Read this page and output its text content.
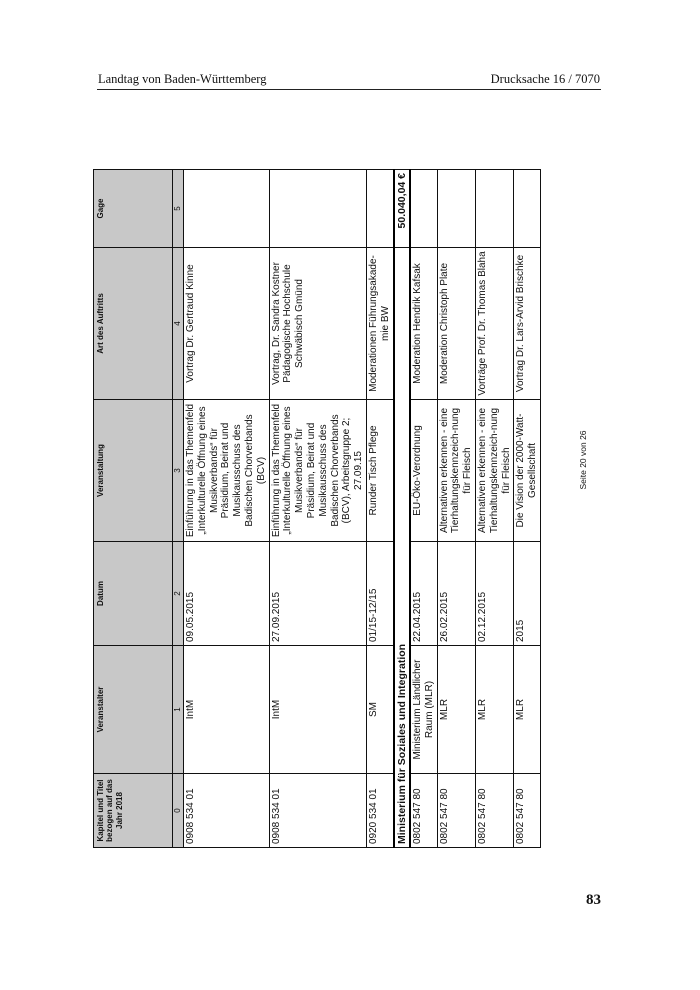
Landtag von Baden-Württemberg	Drucksache 16 / 7070
Kapitel und Titel bezogen auf das Jahr 2018	Veranstalter	Datum	Veranstaltung	Art des Auftritts	Gage
0	1	2	3	4	5
0908 534 01	IntM	09.05.2015	Einführung in das Themenfeld „Interkulturelle Öffnung eines Musikverbands“ für Präsidium, Beirat und Musikausschuss des Badischen Chorverbands (BCV)	Vortrag Dr. Gertraud Kinne	
0908 534 01	IntM	27.09.2015	Einführung in das Themenfeld „Interkulturelle Öffnung eines Musikverbands“ für Präsidium, Beirat und Musikausschuss des Badischen Chorverbands (BCV), Arbeitsgruppe 2; 27.09.15	Vortrag, Dr. Sandra Kostner Pädagogische Hochschule Schwäbisch Gmünd	
0920 534 01	SM	01/15-12/15	Runder Tisch Pflege	Moderationen Führungsakade-mie BW	
Ministerium für Soziales und Integration					50.040,04 €
0802 547 80	Ministerium Ländlicher Raum (MLR)	22.04.2015	EU-Öko-Verordnung	Moderation Hendrik Kafsak	
0802 547 80	MLR	26.02.2015	Alternativen erkennen - eine Tierhaltungskennzeich-nung für Fleisch	Moderation Christoph Plate	
0802 547 80	MLR	02.12.2015	Alternativen erkennen - eine Tierhaltungskennzeich-nung für Fleisch	Vorträge Prof. Dr. Thomas Blaha	
0802 547 80	MLR	2015	Die Vision der 2000-Watt-Gesellschaft	Vortrag Dr. Lars-Arvid Brischke	
Seite 20 von 26
83
